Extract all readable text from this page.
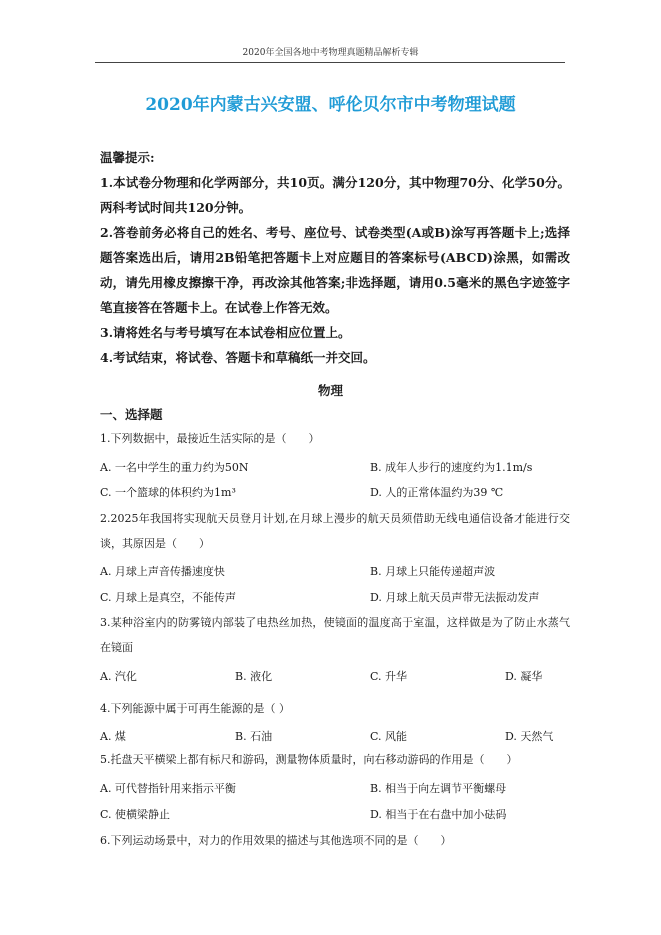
2020年全国各地中考物理真题精品解析专辑
2020年内蒙古兴安盟、呼伦贝尔市中考物理试题
温馨提示:

1.本试卷分物理和化学两部分，共10页。满分120分，其中物理70分、化学50分。两科考试时间共120分钟。

2.答卷前务必将自己的姓名、考号、座位号、试卷类型(A或B)涂写再答题卡上;选择题答案选出后，请用2B铅笔把答题卡上对应题目的答案标号(ABCD)涂黑，如需改动，请先用橡皮擦擦干净，再改涂其他答案;非选择题，请用0.5毫米的黑色字迹签字笔直接答在答题卡上。在试卷上作答无效。

3.请将姓名与考号填写在本试卷相应位置上。

4.考试结束，将试卷、答题卡和草稿纸一并交回。

物理
一、选择题
1.下列数据中，最接近生活实际的是（　　）
A. 一名中学生的重力约为50N	B. 成年人步行的速度约为1.1m/s
C. 一个篮球的体积约为1m³	D. 人的正常体温约为39 ℃
2.2025年我国将实现航天员登月计划,在月球上漫步的航天员须借助无线电通信设备才能进行交谈，其原因是（　　）
A. 月球上声音传播速度快	B. 月球上只能传递超声波
C. 月球上是真空，不能传声	D. 月球上航天员声带无法振动发声
3.某种浴室内的防雾镜内部装了电热丝加热，使镜面的温度高于室温，这样做是为了防止水蒸气在镜面
A. 汽化	B. 液化	C. 升华	D. 凝华
4.下列能源中属于可再生能源的是（ ）
A. 煤	B. 石油	C. 风能	D. 天然气
5.托盘天平横梁上都有标尺和游码，测量物体质量时，向右移动游码的作用是（　　）
A. 可代替指针用来指示平衡	B. 相当于向左调节平衡螺母
C. 使横梁静止	D. 相当于在右盘中加小砝码
6.下列运动场景中，对力的作用效果的描述与其他选项不同的是（　　）
